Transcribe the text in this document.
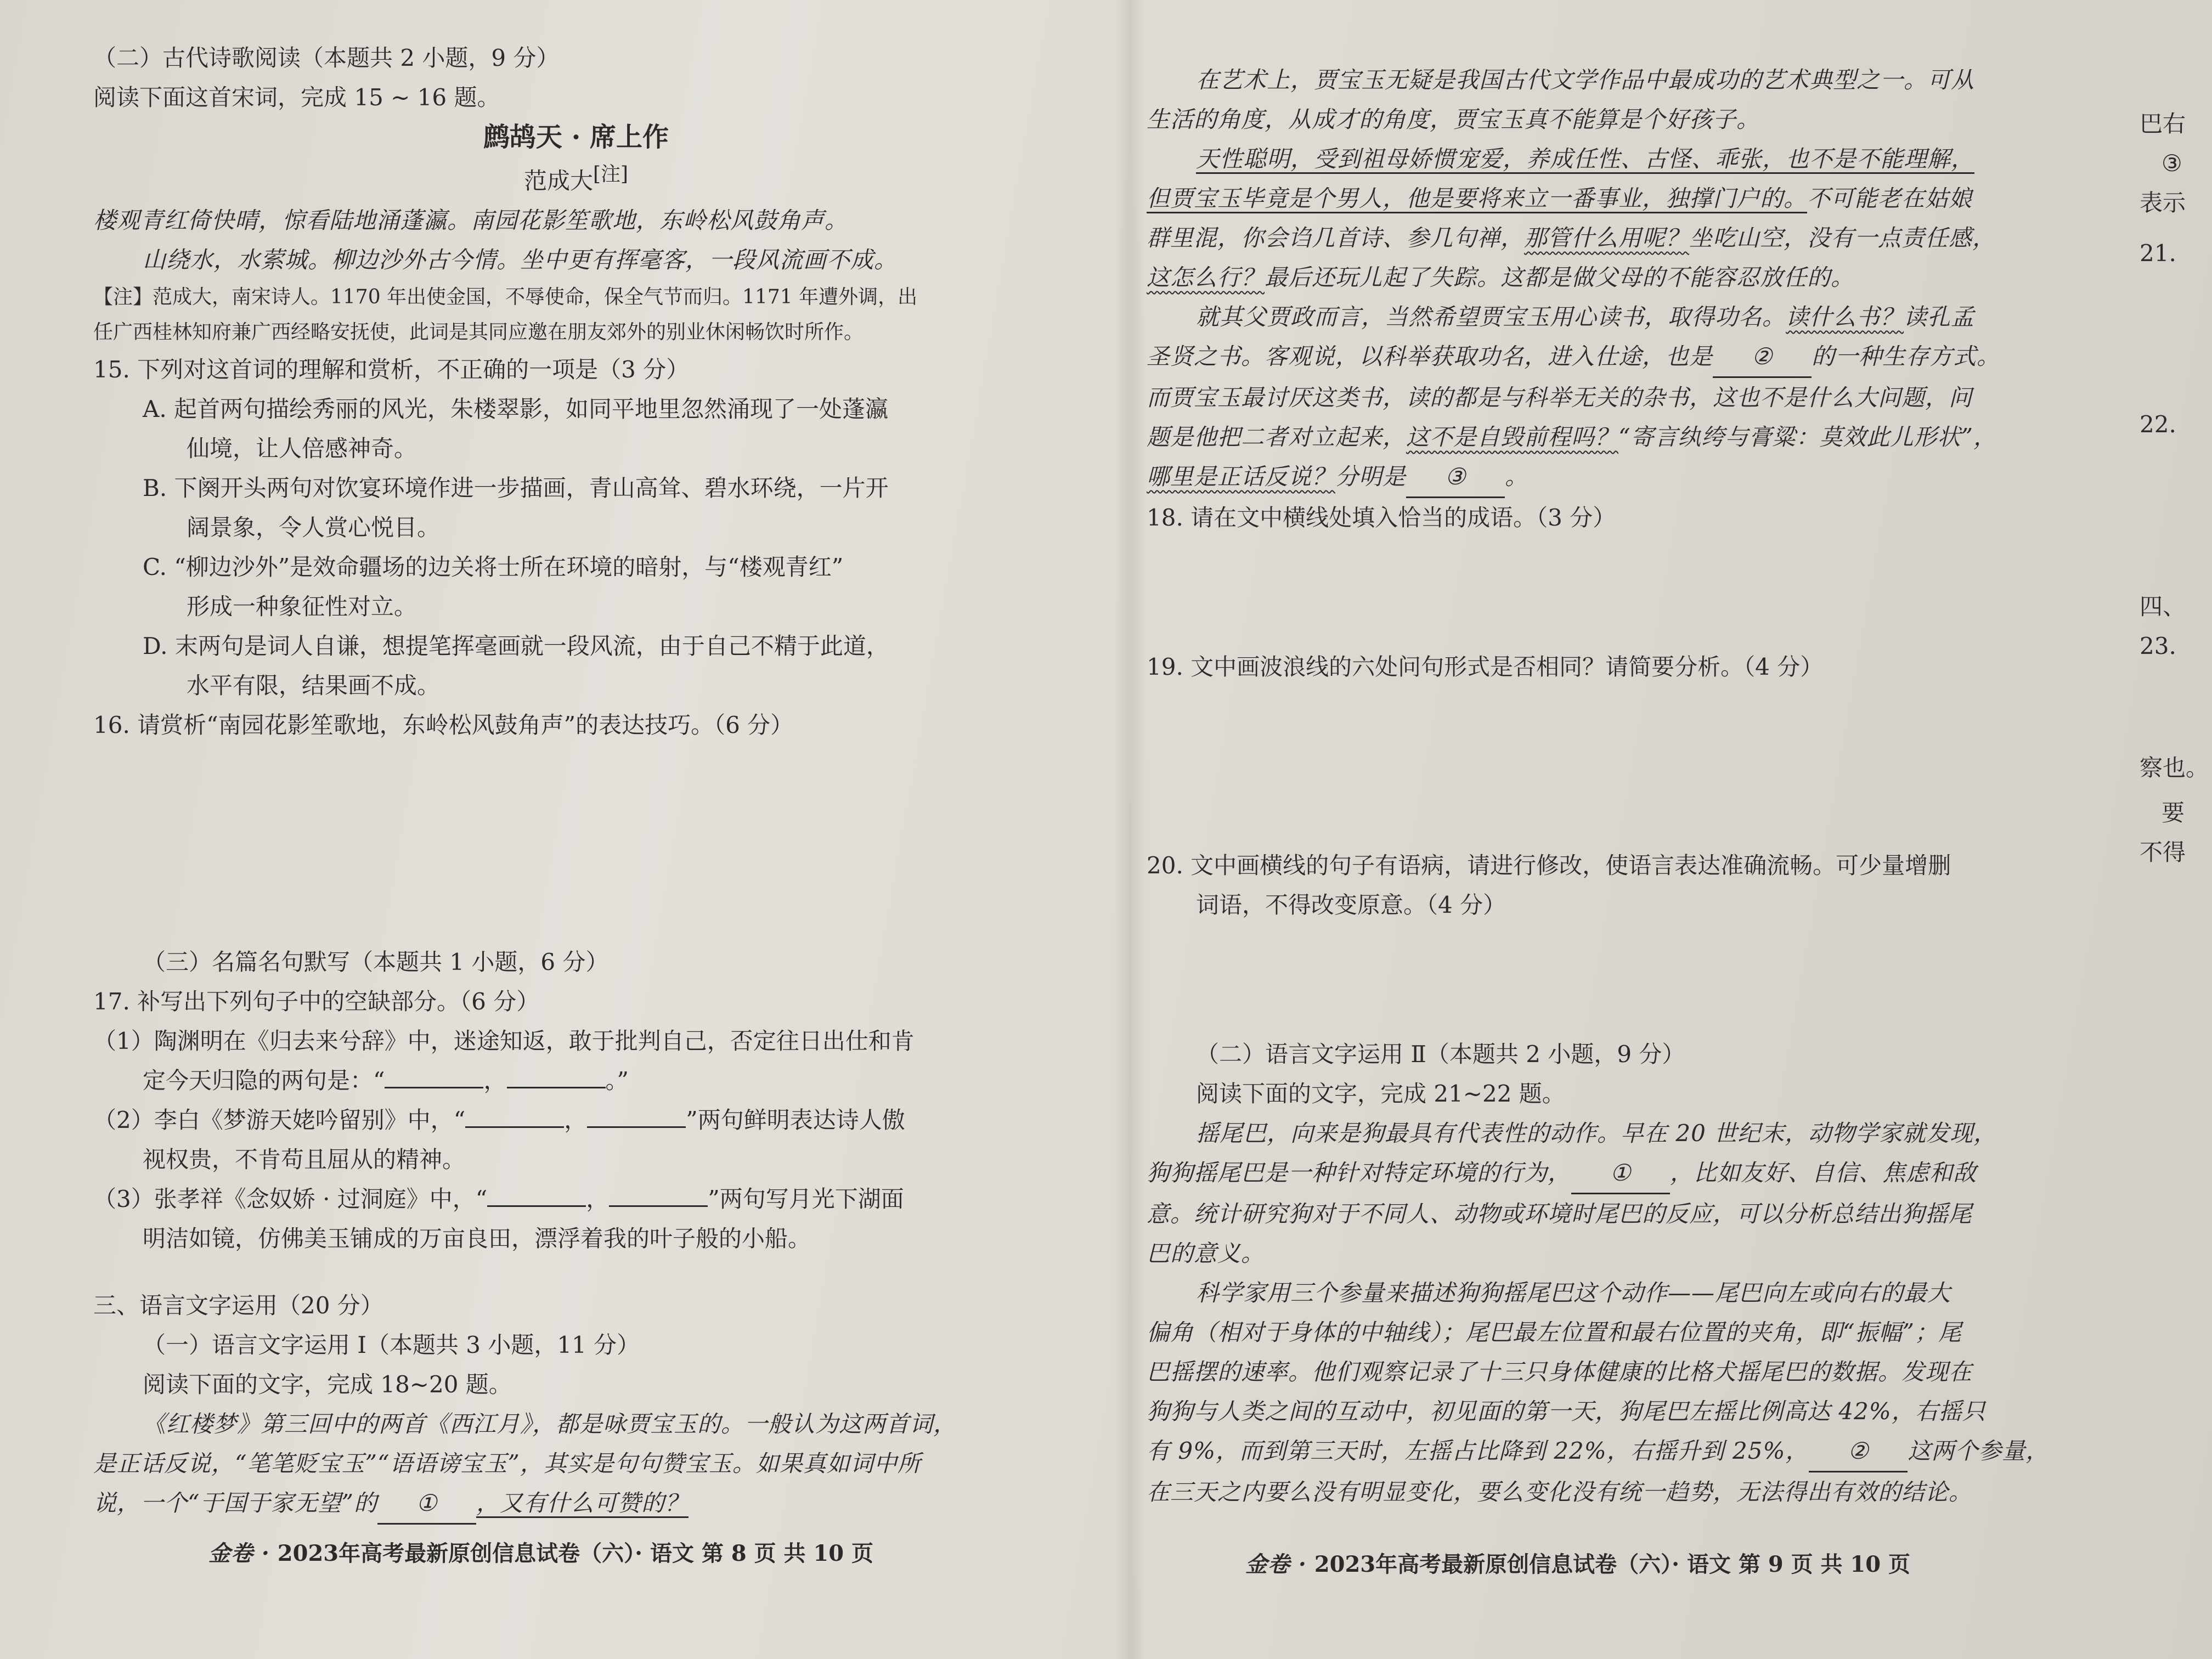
（二）古代诗歌阅读（本题共 2 小题，9 分）

阅读下面这首宋词，完成 15 ~ 16 题。

鹧鸪天 · 席上作

范成大[注]

楼观青红倚快晴，惊看陆地涌蓬瀛。南园花影笙歌地，东岭松风鼓角声。

山绕水，水萦城。柳边沙外古今情。坐中更有挥毫客，一段风流画不成。

【注】范成大，南宋诗人。1170 年出使金国，不辱使命，保全气节而归。1171 年遭外调，出

任广西桂林知府兼广西经略安抚使，此词是其同应邀在朋友郊外的别业休闲畅饮时所作。

15. 下列对这首词的理解和赏析，不正确的一项是（3 分）

A. 起首两句描绘秀丽的风光，朱楼翠影，如同平地里忽然涌现了一处蓬瀛

仙境，让人倍感神奇。

B. 下阕开头两句对饮宴环境作进一步描画，青山高耸、碧水环绕，一片开

阔景象，令人赏心悦目。

C. “柳边沙外”是效命疆场的边关将士所在环境的暗射，与“楼观青红”

形成一种象征性对立。

D. 末两句是词人自谦，想提笔挥毫画就一段风流，由于自己不精于此道，

水平有限，结果画不成。

16. 请赏析“南园花影笙歌地，东岭松风鼓角声”的表达技巧。（6 分）

（三）名篇名句默写（本题共 1 小题，6 分）

17. 补写出下列句子中的空缺部分。（6 分）

（1）陶渊明在《归去来兮辞》中，迷途知返，敢于批判自己，否定往日出仕和肯

定今天归隐的两句是：“	，	。”

（2）李白《梦游天姥吟留别》中，“	，	”两句鲜明表达诗人傲

视权贵，不肯苟且屈从的精神。

（3）张孝祥《念奴娇 · 过洞庭》中，“	，	”两句写月光下湖面

明洁如镜，仿佛美玉铺成的万亩良田，漂浮着我的叶子般的小船。

三、语言文字运用（20 分）

（一）语言文字运用 Ⅰ（本题共 3 小题，11 分）

阅读下面的文字，完成 18~20 题。

《红楼梦》第三回中的两首《西江月》，都是咏贾宝玉的。一般认为这两首词，

是正话反说，“笔笔贬宝玉”“语语谤宝玉”，其实是句句赞宝玉。如果真如词中所

说，一个“于国于家无望”的 ① ，又有什么可赞的？

金卷 · 2023年高考最新原创信息试卷（六）· 语文 第 8 页 共 10 页

在艺术上，贾宝玉无疑是我国古代文学作品中最成功的艺术典型之一。可从

生活的角度，从成才的角度，贾宝玉真不能算是个好孩子。

天性聪明，受到祖母娇惯宠爱，养成任性、古怪、乖张，也不是不能理解，

但贾宝玉毕竟是个男人，他是要将来立一番事业，独撑门户的。不可能老在姑娘

群里混，你会诌几首诗、参几句禅，那管什么用呢？坐吃山空，没有一点责任感，

这怎么行？最后还玩儿起了失踪。这都是做父母的不能容忍放任的。

就其父贾政而言，当然希望贾宝玉用心读书，取得功名。读什么书？读孔孟

圣贤之书。客观说，以科举获取功名，进入仕途，也是 ② 的一种生存方式。

而贾宝玉最讨厌这类书，读的都是与科举无关的杂书，这也不是什么大问题，问

题是他把二者对立起来，这不是自毁前程吗？“寄言纨绔与膏粱：莫效此儿形状”，

哪里是正话反说？分明是 ③ 。

18. 请在文中横线处填入恰当的成语。（3 分）

19. 文中画波浪线的六处问句形式是否相同？请简要分析。（4 分）

20. 文中画横线的句子有语病，请进行修改，使语言表达准确流畅。可少量增删

词语，不得改变原意。（4 分）

（二）语言文字运用 Ⅱ（本题共 2 小题，9 分）

阅读下面的文字，完成 21~22 题。

摇尾巴，向来是狗最具有代表性的动作。早在 20 世纪末，动物学家就发现，

狗狗摇尾巴是一种针对特定环境的行为， ① ，比如友好、自信、焦虑和敌

意。统计研究狗对于不同人、动物或环境时尾巴的反应，可以分析总结出狗摇尾

巴的意义。

科学家用三个参量来描述狗狗摇尾巴这个动作——尾巴向左或向右的最大

偏角（相对于身体的中轴线）；尾巴最左位置和最右位置的夹角，即“振幅”；尾

巴摇摆的速率。他们观察记录了十三只身体健康的比格犬摇尾巴的数据。发现在

狗狗与人类之间的互动中，初见面的第一天，狗尾巴左摇比例高达 42%，右摇只

有 9%，而到第三天时，左摇占比降到 22%，右摇升到 25%， ② 这两个参量，

在三天之内要么没有明显变化，要么变化没有统一趋势，无法得出有效的结论。

金卷 · 2023年高考最新原创信息试卷（六）· 语文 第 9 页 共 10 页

巴右

③

表示

21.

22.

四、

23.

察也。

要

不得
